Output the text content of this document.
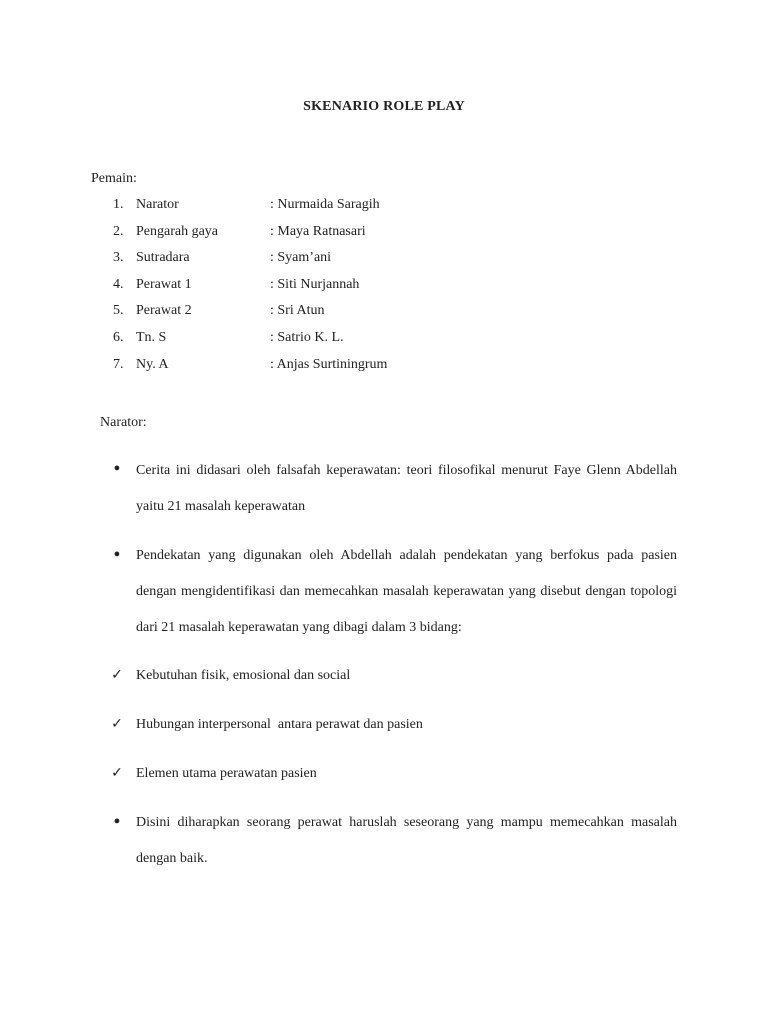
SKENARIO ROLE PLAY
Pemain:
1. Narator	: Nurmaida Saragih
2. Pengarah gaya	: Maya Ratnasari
3. Sutradara	: Syam’ani
4. Perawat 1	: Siti Nurjannah
5. Perawat 2	: Sri Atun
6. Tn. S	: Satrio K. L.
7. Ny. A	: Anjas Surtiningrum
Narator:
● Cerita ini didasari oleh falsafah keperawatan: teori filosofikal menurut Faye Glenn Abdellah yaitu 21 masalah keperawatan
● Pendekatan yang digunakan oleh Abdellah adalah pendekatan yang berfokus pada pasien dengan mengidentifikasi dan memecahkan masalah keperawatan yang disebut dengan topologi dari 21 masalah keperawatan yang dibagi dalam 3 bidang:
✓ Kebutuhan fisik, emosional dan social
✓ Hubungan interpersonal  antara perawat dan pasien
✓ Elemen utama perawatan pasien
● Disini diharapkan seorang perawat haruslah seseorang yang mampu memecahkan masalah dengan baik.
